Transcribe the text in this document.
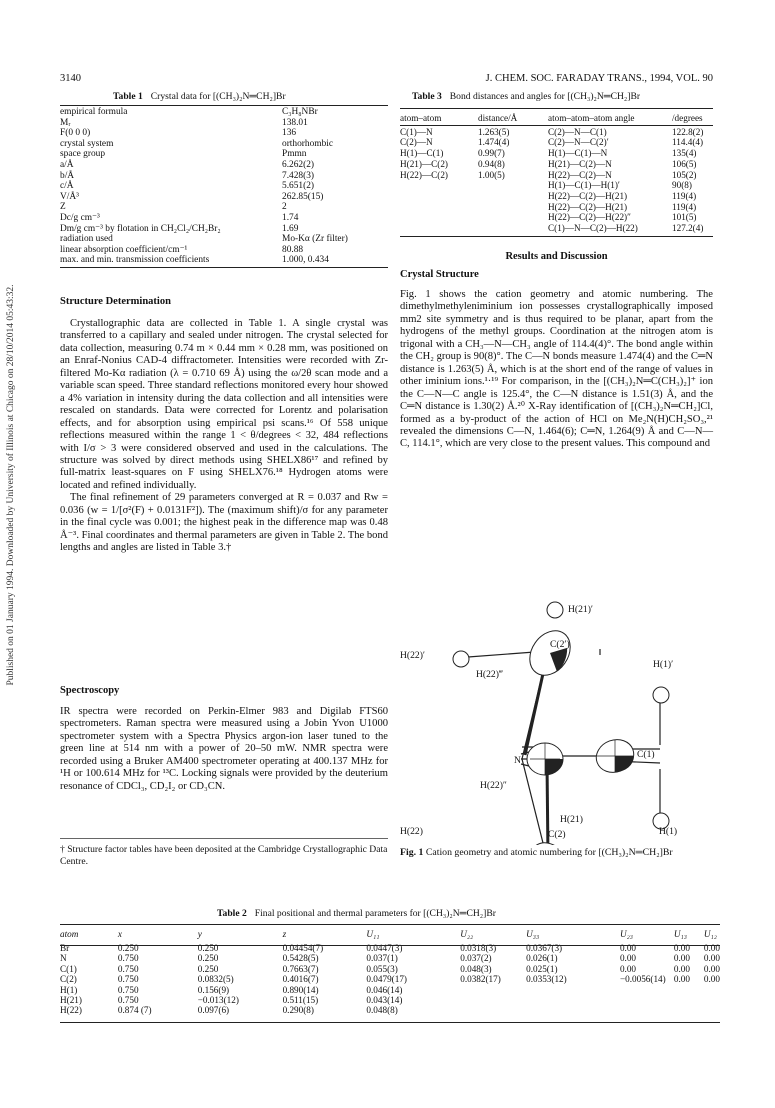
Published on 01 January 1994. Downloaded by University of Illinois at Chicago on 28/10/2014 05:43:32.
3140	J. CHEM. SOC. FARADAY TRANS., 1994, VOL. 90
Table 1 Crystal data for [(CH₃)₂N═CH₂]Br
empirical formula	C₃H₈NBr
Mᵣ	138.01
F(0 0 0)	136
crystal system	orthorhombic
space group	Pmmn
a/Å	6.262(2)
b/Å	7.428(3)
c/Å	5.651(2)
V/Å³	262.85(15)
Z	2
Dc/g cm⁻³	1.74
Dm/g cm⁻³ by flotation in CH₂Cl₂/CH₂Br₂	1.69
radiation used	Mo-Kα (Zr filter)
linear absorption coefficient/cm⁻¹	80.88
max. and min. transmission coefficients	1.000, 0.434
Table 3 Bond distances and angles for [(CH₃)₂N═CH₂]Br
atom–atom	distance/Å	atom–atom–atom angle	/degrees
C(1)—N	1.263(5)	C(2)—N—C(1)	122.8(2)
C(2)—N	1.474(4)	C(2)—N—C(2)′	114.4(4)
H(1)—C(1)	0.99(7)	H(1)—C(1)—N	135(4)
H(21)—C(2)	0.94(8)	H(21)—C(2)—N	106(5)
H(22)—C(2)	1.00(5)	H(22)—C(2)—N	105(2)
		H(1)—C(1)—H(1)′	90(8)
		H(22)—C(2)—H(21)	119(4)
		H(22)—C(2)—H(21)	119(4)
		H(22)—C(2)—H(22)″	101(5)
		C(1)—N—C(2)—H(22)	127.2(4)
Structure Determination

Crystallographic data are collected in Table 1. A single crystal was transferred to a capillary and sealed under nitrogen. The crystal selected for data collection, measuring 0.74 m × 0.44 mm × 0.28 mm, was positioned on an Enraf-Nonius CAD-4 diffractometer. Intensities were recorded with Zr-filtered Mo-Kα radiation (λ = 0.710 69 Å) using the ω/2θ scan mode and a variable scan speed. Three standard reflections monitored every hour showed a 4% variation in intensity during the data collection and all intensities were rescaled on standards. Data were corrected for Lorentz and polarisation effects, and for absorption using empirical psi scans.¹⁶ Of 558 unique reflections measured within the range 1 < θ/degrees < 32, 484 reflections with I/σ > 3 were considered observed and used in the calculations. The structure was solved by direct methods using SHELX86¹⁷ and refined by full-matrix least-squares on F using SHELX76.¹⁸ Hydrogen atoms were located and refined individually.

The final refinement of 29 parameters converged at R = 0.037 and Rw = 0.036 (w = 1/[σ²(F) + 0.0131F²]). The (maximum shift)/σ for any parameter in the final cycle was 0.001; the highest peak in the difference map was 0.48 Å⁻³. Final coordinates and thermal parameters are given in Table 2. The bond lengths and angles are listed in Table 3.†

Spectroscopy

IR spectra were recorded on Perkin-Elmer 983 and Digilab FTS60 spectrometers. Raman spectra were measured using a Jobin Yvon U1000 spectrometer system with a Spectra Physics argon-ion laser tuned to the green line at 514 nm with a power of 20–50 mW. NMR spectra were recorded using a Bruker AM400 spectrometer operating at 400.137 MHz for ¹H or 100.614 MHz for ¹³C. Locking signals were provided by the deuterium resonance of CDCl₃, CD₂I₂ or CD₃CN.

† Structure factor tables have been deposited at the Cambridge Crystallographic Data Centre.
Results and Discussion
Crystal Structure

Fig. 1 shows the cation geometry and atomic numbering. The dimethylmethyleniminium ion possesses crystallographically imposed mm2 site symmetry and is thus required to be planar, apart from the hydrogens of the methyl groups. Coordination at the nitrogen atom is trigonal with a CH₃—N—CH₃ angle of 114.4(4)°. The bond angle within the CH₂ group is 90(8)°. The C—N bonds measure 1.474(4) and the C═N distance is 1.263(5) Å, which is at the short end of the range of values in other iminium ions.¹·¹⁹ For comparison, in the [(CH₃)₂N═C(CH₃)₂]⁺ ion the C—N—C angle is 125.4°, the C—N distance is 1.51(3) Å, and the C═N distance is 1.30(2) Å.²⁰ X-Ray identification of [(CH₃)₂N═CH₂]Cl, formed as a by-product of the action of HCl on Me₂N(H)CH₂SO₃,²¹ revealed the dimensions C—N, 1.464(6); C═N, 1.264(9) Å and C—N—C, 114.1°, which are very close to the present values. This compound and

H(21)′
H(22)′
C(2′)
H(22)‴
H(1)′
N
C(1)
H(22)″
H(1)
H(22)	C(2)
H(21)
Fig. 1 Cation geometry and atomic numbering for [(CH₃)₂N═CH₂]Br
Table 2 Final positional and thermal parameters for [(CH₃)₂N═CH₂]Br
atom	x	y	z	U₁₁	U₂₂	U₃₃	U₂₃	U₁₃	U₁₂
Br	0.250	0.250	0.04454(7)	0.0447(3)	0.0318(3)	0.0367(3)	0.00	0.00	0.00
N	0.750	0.250	0.5428(5)	0.037(1)	0.037(2)	0.026(1)	0.00	0.00	0.00
C(1)	0.750	0.250	0.7663(7)	0.055(3)	0.048(3)	0.025(1)	0.00	0.00	0.00
C(2)	0.750	0.0832(5)	0.4016(7)	0.0479(17)	0.0382(17)	0.0353(12)	−0.0056(14)	0.00	0.00
H(1)	0.750	0.156(9)	0.890(14)	0.046(14)					
H(21)	0.750	−0.013(12)	0.511(15)	0.043(14)					
H(22)	0.874 (7)	0.097(6)	0.290(8)	0.048(8)					
